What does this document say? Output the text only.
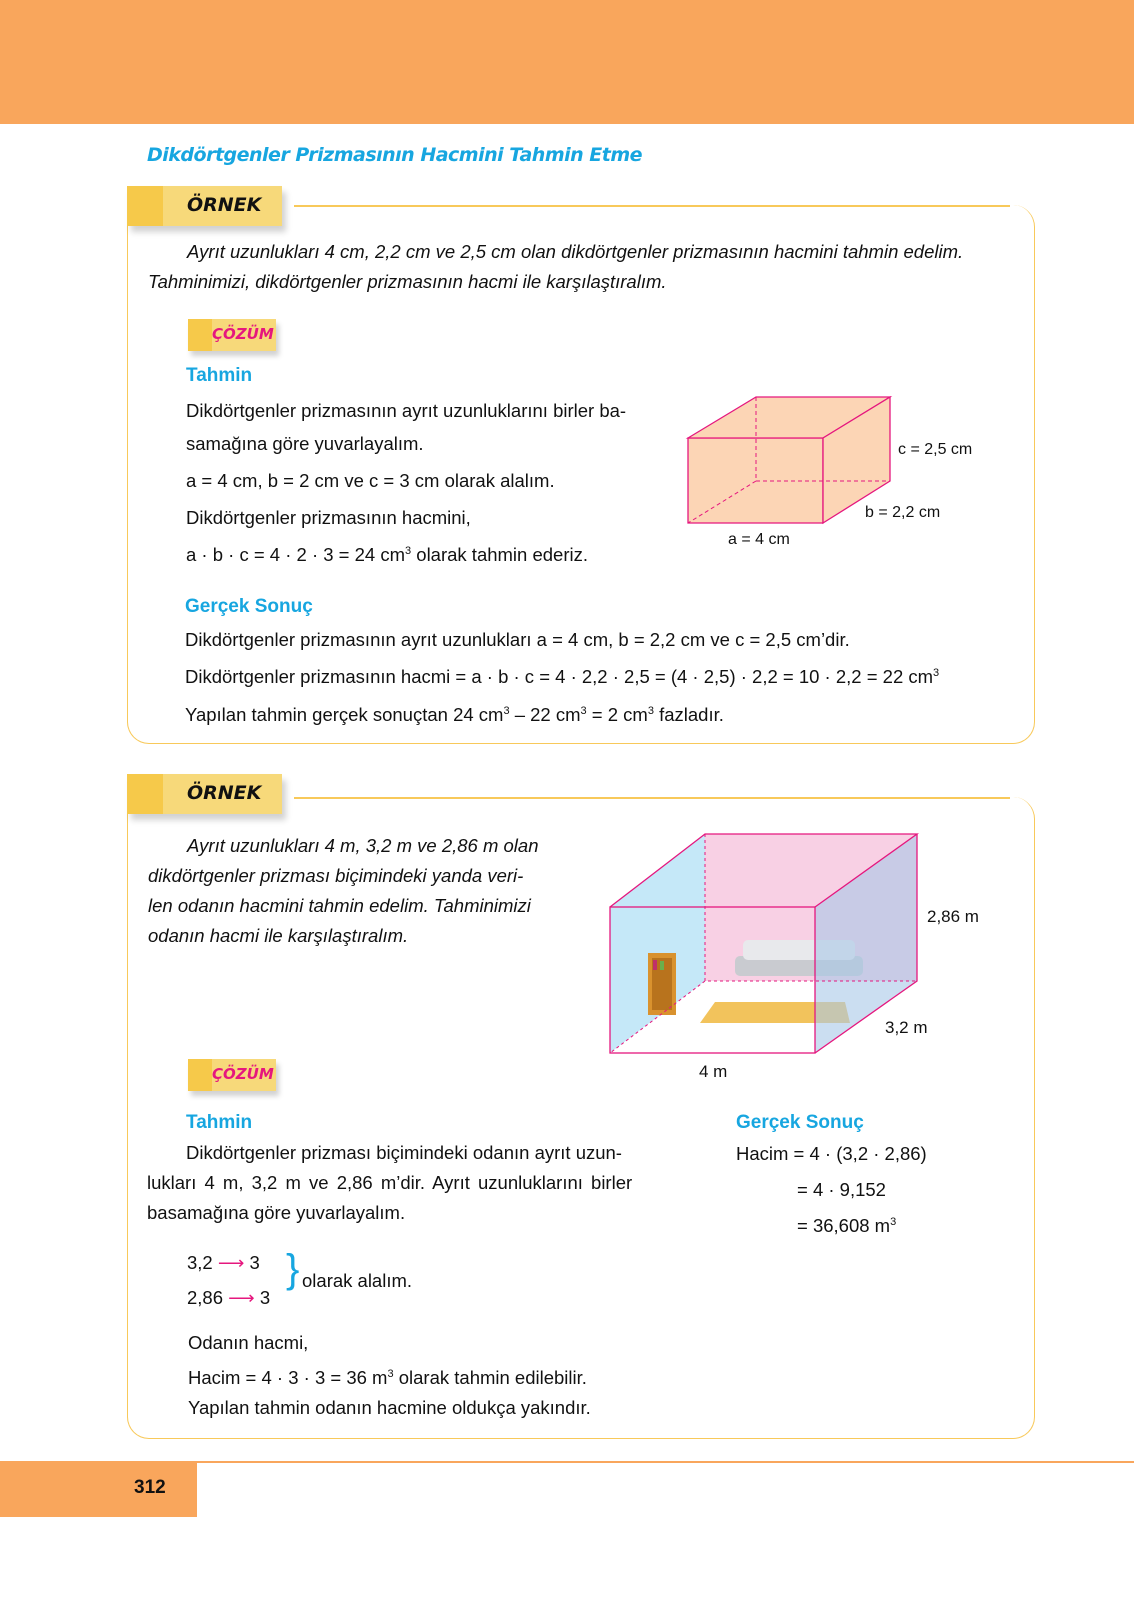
Dikdörtgenler Prizmasının Hacmini Tahmin Etme
ÖRNEK
Ayrıt uzunlukları 4 cm, 2,2 cm ve 2,5 cm olan dikdörtgenler prizmasının hacmini tahmin edelim.
Tahminimizi, dikdörtgenler prizmasının hacmi ile karşılaştıralım.
ÇÖZÜM
Tahmin
Dikdörtgenler prizmasının ayrıt uzunluklarını birler ba-
samağına göre yuvarlayalım.
a = 4 cm, b = 2 cm ve c = 3 cm olarak alalım.
Dikdörtgenler prizmasının hacmini,
a · b · c = 4 · 2 · 3 = 24 $cm^3$ olarak tahmin ederiz.
c = 2,5 cm
b = 2,2 cm
a = 4 cm
Gerçek Sonuç
Dikdörtgenler prizmasının ayrıt uzunlukları a = 4 cm, b = 2,2 cm ve c = 2,5 cm’dir.
Dikdörtgenler prizmasının hacmi = a · b · c = 4 · 2,2 · 2,5 = (4 · 2,5) · 2,2 = 10 · 2,2 = 22 $cm^3$
Yapılan tahmin gerçek sonuçtan 24 $cm^3 - 22$ $cm^3 = 2$ $cm^3$ fazladır.
ÖRNEK
Ayrıt uzunlukları 4 m, 3,2 m ve 2,86 m olan
dikdörtgenler prizması biçimindeki yanda veri-
len odanın hacmini tahmin edelim. Tahminimizi
odanın hacmi ile karşılaştıralım.
2,86 m
3,2 m
4 m
ÇÖZÜM
Tahmin
Dikdörtgenler prizması biçimindeki odanın ayrıt uzun-
lukları 4 m, 3,2 m ve 2,86 m’dir. Ayrıt uzunluklarını birler
basamağına göre yuvarlayalım.
3,2 ⟶ 3
2,86 ⟶ 3
} olarak alalım.
Odanın hacmi,
Hacim = 4 · 3 · 3 = 36 $m^3$ olarak tahmin edilebilir.
Yapılan tahmin odanın hacmine oldukça yakındır.
Gerçek Sonuç
Hacim = 4 · (3,2 · 2,86)
= 4 · 9,152
= 36,608 $m^3$
312
